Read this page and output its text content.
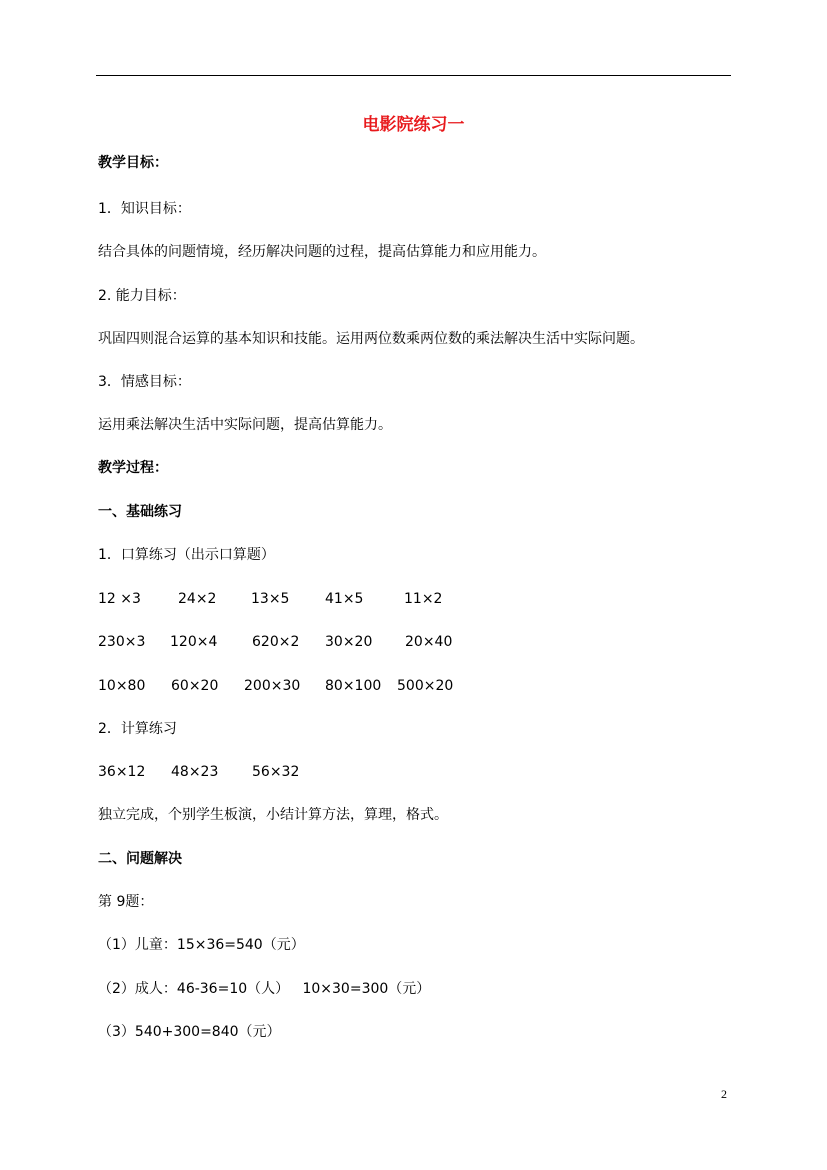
电影院练习一
教学目标：
1．知识目标：
结合具体的问题情境，经历解决问题的过程，提高估算能力和应用能力。
2. 能力目标：
巩固四则混合运算的基本知识和技能。运用两位数乘两位数的乘法解决生活中实际问题。
3．情感目标：
运用乘法解决生活中实际问题，提高估算能力。
教学过程：
一、基础练习
1．口算练习（出示口算题）
12 ×3	24×2 13×5	41×5	11×2
230×3 120×4 620×2 30×20 20×40
10×80 60×20 200×30 80×100 500×20
2．计算练习
36×12 48×23 56×32
独立完成，个别学生板演，小结计算方法，算理，格式。
二、问题解决
第 9题：
（1）儿童：15×36=540（元）
（2）成人：46-36=10（人）   10×30=300（元）
（3）540+300=840（元）
2
